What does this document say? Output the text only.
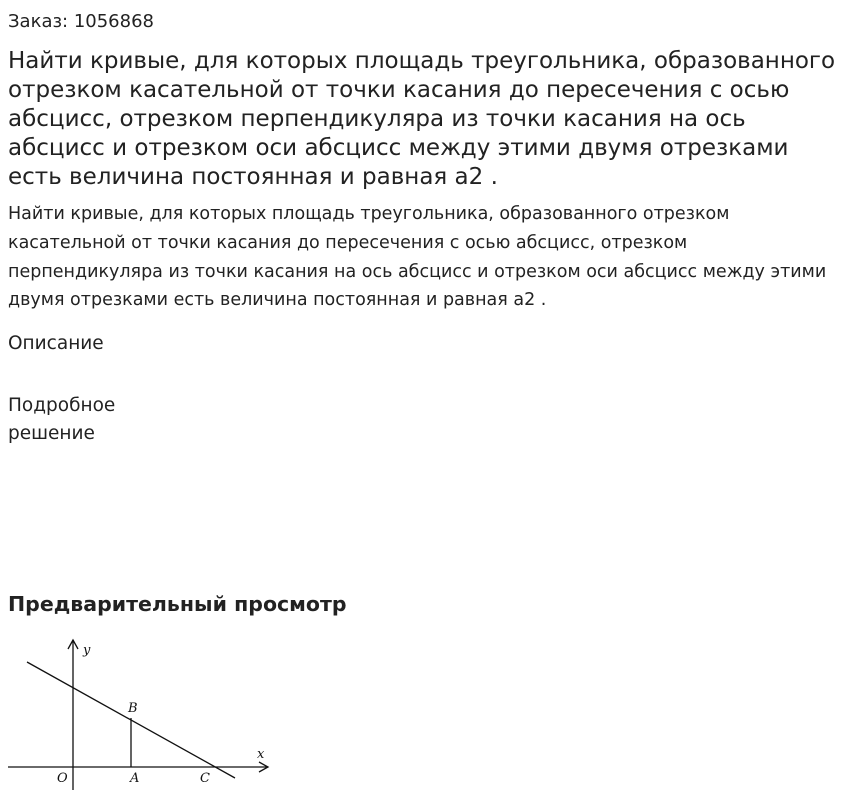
Заказ: 1056868
Найти кривые, для которых площадь треугольника, образованного отрезком касательной от точки касания до пересечения с осью абсцисс, отрезком перпендикуляра из точки касания на ось абсцисс и отрезком оси абсцисс между этими двумя отрезками есть величина постоянная и равная а2 .

Найти кривые, для которых площадь треугольника, образованного отрезком касательной от точки касания до пересечения с осью абсцисс, отрезком перпендикуляра из точки касания на ось абсцисс и отрезком оси абсцисс между этими двумя отрезками есть величина постоянная и равная а2 .

Описание
Подробное решение
Предварительный просмотр
y
x
O	A
B
C
